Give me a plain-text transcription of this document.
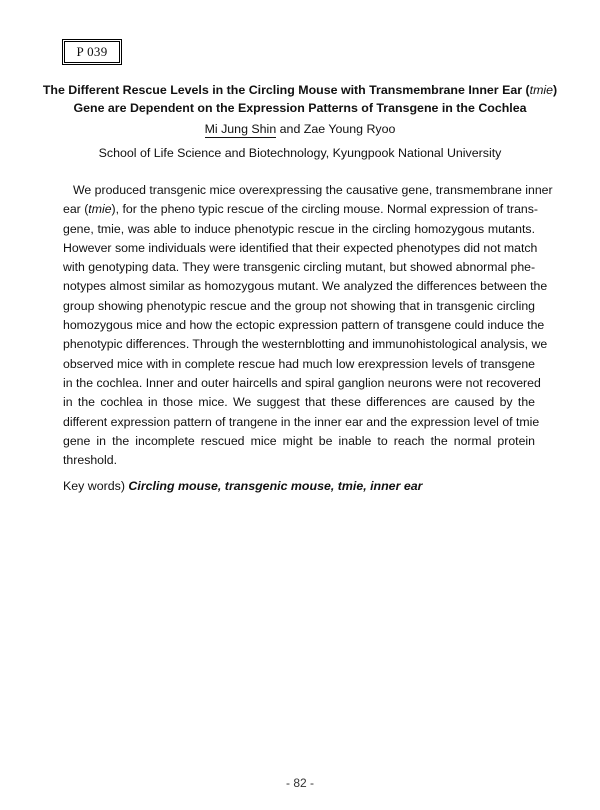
P 039
The Different Rescue Levels in the Circling Mouse with Transmembrane Inner Ear (tmie)
Gene are Dependent on the Expression Patterns of Transgene in the Cochlea
Mi Jung Shin and Zae Young Ryoo
School of Life Science and Biotechnology, Kyungpook National University
We produced transgenic mice overexpressing the causative gene, transmembrane inner
ear (tmie), for the pheno typic rescue of the circling mouse. Normal expression of trans-
gene, tmie, was able to induce phenotypic rescue in the circling homozygous mutants.
However some individuals were identified that their expected phenotypes did not match
with genotyping data. They were transgenic circling mutant, but showed abnormal phe-
notypes almost similar as homozygous mutant. We analyzed the differences between the
group showing phenotypic rescue and the group not showing that in transgenic circling
homozygous mice and how the ectopic expression pattern of transgene could induce the
phenotypic differences. Through the westernblotting and immunohistological analysis, we
observed mice with in complete rescue had much low erexpression levels of transgene
in the cochlea. Inner and outer haircells and spiral ganglion neurons were not recovered
in the cochlea in those mice. We suggest that these differences are caused by the
different expression pattern of trangene in the inner ear and the expression level of tmie
gene in the incomplete rescued mice might be inable to reach the normal protein
threshold.
Key words) Circling mouse, transgenic mouse, tmie, inner ear
- 82 -
